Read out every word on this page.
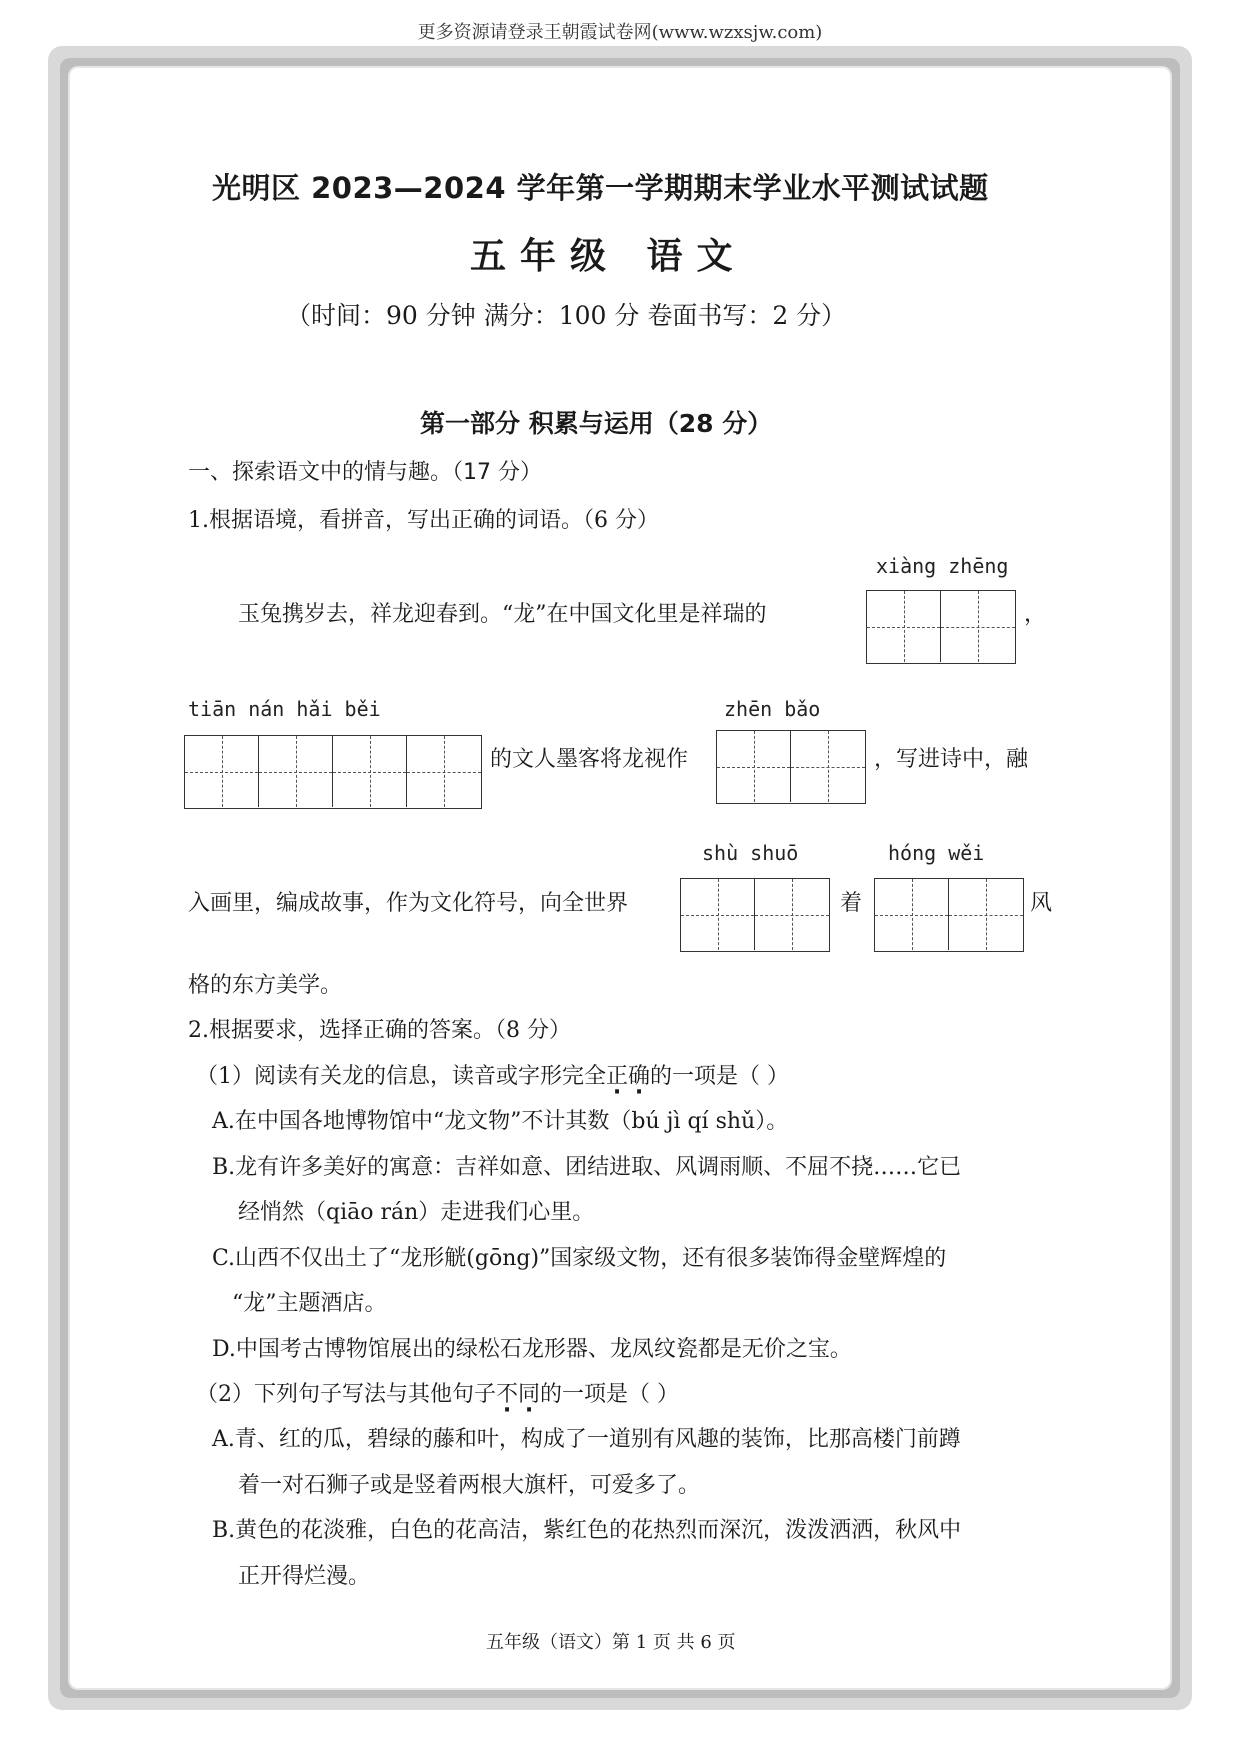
更多资源请登录王朝霞试卷网(www.wzxsjw.com)
光明区 2023—2024 学年第一学期期末学业水平测试试题
五年级 语文
（时间：90 分钟 满分：100 分 卷面书写：2 分）
第一部分 积累与运用（28 分）
一、探索语文中的情与趣。（17 分）
1.根据语境，看拼音，写出正确的词语。（6 分）
xiàng zhēng
玉兔携岁去，祥龙迎春到。“龙”在中国文化里是祥瑞的	，
tiān nán hǎi běi	zhēn bǎo
的文人墨客将龙视作	，写进诗中，融
shù shuō	hóng wěi
入画里，编成故事，作为文化符号，向全世界	着	风
格的东方美学。
2.根据要求，选择正确的答案。（8 分）
（1）阅读有关龙的信息，读音或字形完全正确的一项是（ ）
A.在中国各地博物馆中“龙文物”不计其数（bú jì qí shǔ）。
B.龙有许多美好的寓意：吉祥如意、团结进取、风调雨顺、不屈不挠……它已
经悄然（qiāo rán）走进我们心里。
C.山西不仅出土了“龙形觥(gōng)”国家级文物，还有很多装饰得金壁辉煌的
“龙”主题酒店。
D.中国考古博物馆展出的绿松石龙形器、龙凤纹瓷都是无价之宝。
（2）下列句子写法与其他句子不同的一项是（ ）
A.青、红的瓜，碧绿的藤和叶，构成了一道别有风趣的装饰，比那高楼门前蹲
着一对石狮子或是竖着两根大旗杆，可爱多了。
B.黄色的花淡雅，白色的花高洁，紫红色的花热烈而深沉，泼泼洒洒，秋风中
正开得烂漫。
五年级（语文）第 1 页 共 6 页
